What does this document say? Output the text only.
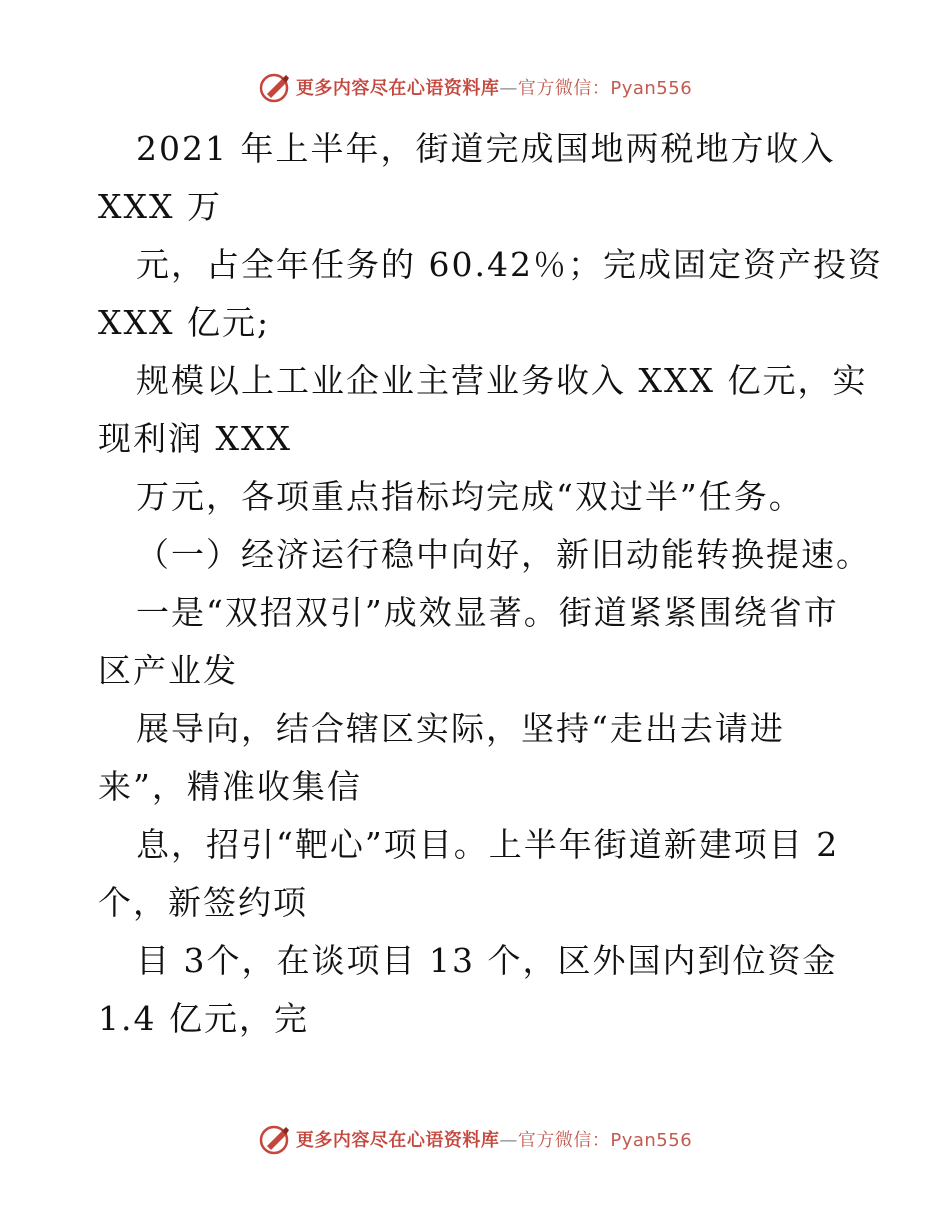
更多内容尽在心语资料库—官方微信：Pyan556
2021 年上半年，街道完成国地两税地方收入
XXX 万
元，占全年任务的 60.42％；完成固定资产投资
XXX 亿元;
规模以上工业企业主营业务收入 XXX 亿元，实
现利润 XXX
万元，各项重点指标均完成“双过半”任务。
（一）经济运行稳中向好，新旧动能转换提速。
一是“双招双引”成效显著。街道紧紧围绕省市
区产业发
展导向，结合辖区实际，坚持“走出去请进
来”，精准收集信
息，招引“靶心”项目。上半年街道新建项目 2
个，新签约项
目 3个，在谈项目 13 个，区外国内到位资金
1.4 亿元，完
更多内容尽在心语资料库—官方微信：Pyan556
